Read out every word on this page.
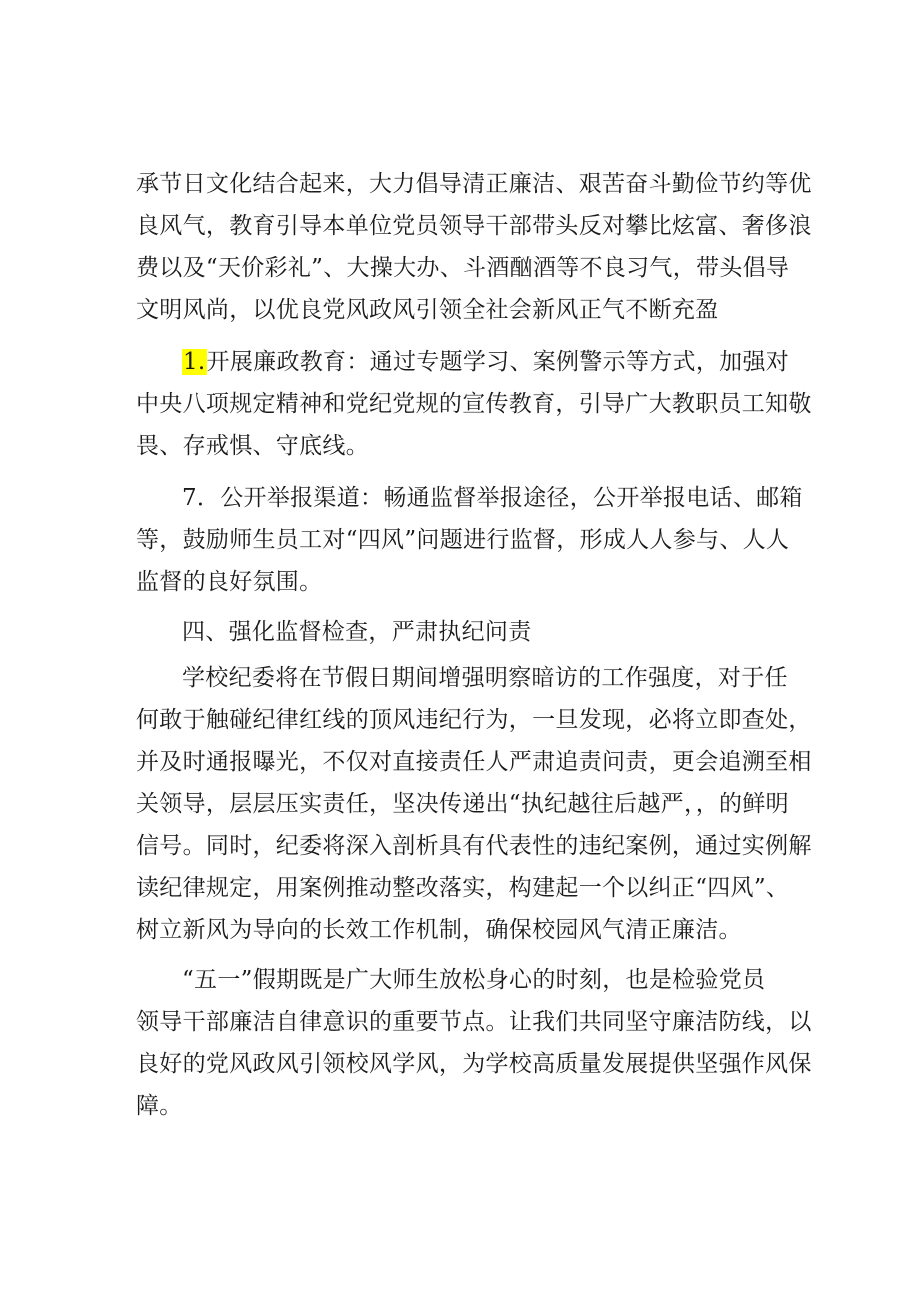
承节日文化结合起来，大力倡导清正廉洁、艰苦奋斗勤俭节约等优
良风气，教育引导本单位党员领导干部带头反对攀比炫富、奢侈浪
费以及“天价彩礼”、大操大办、斗酒酗酒等不良习气，带头倡导
文明风尚，以优良党风政风引领全社会新风正气不断充盈
1.开展廉政教育：通过专题学习、案例警示等方式，加强对
中央八项规定精神和党纪党规的宣传教育，引导广大教职员工知敬
畏、存戒惧、守底线。
7．公开举报渠道：畅通监督举报途径，公开举报电话、邮箱
等，鼓励师生员工对“四风”问题进行监督，形成人人参与、人人
监督的良好氛围。
四、强化监督检查，严肃执纪问责
学校纪委将在节假日期间增强明察暗访的工作强度，对于任
何敢于触碰纪律红线的顶风违纪行为，一旦发现，必将立即查处，
并及时通报曝光，不仅对直接责任人严肃追责问责，更会追溯至相
关领导，层层压实责任，坚决传递出“执纪越往后越严，，的鲜明
信号。同时，纪委将深入剖析具有代表性的违纪案例，通过实例解
读纪律规定，用案例推动整改落实，构建起一个以纠正“四风”、
树立新风为导向的长效工作机制，确保校园风气清正廉洁。
“五一”假期既是广大师生放松身心的时刻，也是检验党员
领导干部廉洁自律意识的重要节点。让我们共同坚守廉洁防线，以
良好的党风政风引领校风学风，为学校高质量发展提供坚强作风保
障。
